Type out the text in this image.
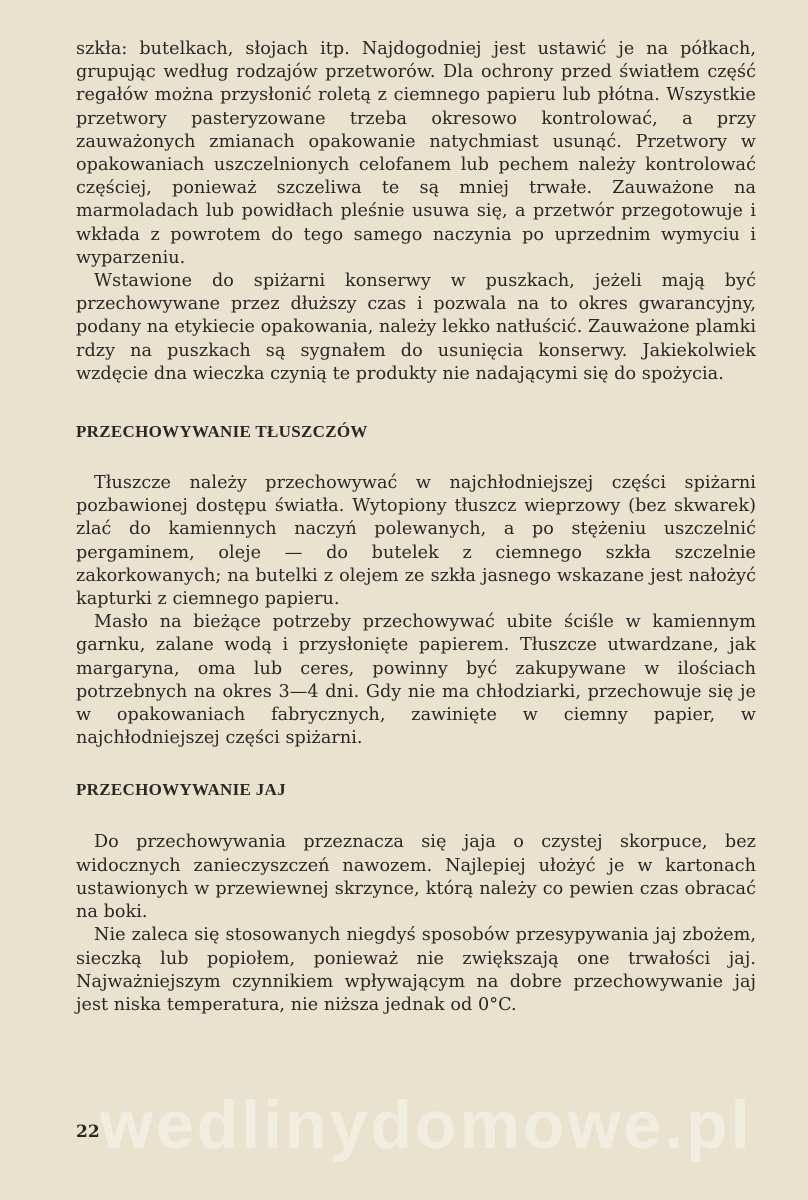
wedlinydomowe.pl

szkła: butelkach, słojach itp. Najdogodniej jest ustawić je na półkach, grupując według rodzajów przetworów. Dla ochrony przed światłem część regałów można przysłonić roletą z ciemnego papieru lub płótna. Wszystkie przetwory pasteryzowane trzeba okresowo kontrolować, a przy zauważonych zmianach opakowanie natychmiast usunąć. Przetwory w opakowaniach uszczelnionych celofanem lub pechem należy kontrolować częściej, ponieważ szczeliwa te są mniej trwałe. Zauważone na marmoladach lub powidłach pleśnie usuwa się, a przetwór przegotowuje i wkłada z powrotem do tego samego naczynia po uprzednim wymyciu i wyparzeniu.

Wstawione do spiżarni konserwy w puszkach, jeżeli mają być przechowywane przez dłuższy czas i pozwala na to okres gwarancyjny, podany na etykiecie opakowania, należy lekko natłuścić. Zauważone plamki rdzy na puszkach są sygnałem do usunięcia konserwy. Jakiekolwiek wzdęcie dna wieczka czynią te produkty nie nadającymi się do spożycia.

PRZECHOWYWANIE TŁUSZCZÓW

Tłuszcze należy przechowywać w najchłodniejszej części spiżarni pozbawionej dostępu światła. Wytopiony tłuszcz wieprzowy (bez skwarek) zlać do kamiennych naczyń polewanych, a po stężeniu uszczelnić pergaminem, oleje — do butelek z ciemnego szkła szczelnie zakorkowanych; na butelki z olejem ze szkła jasnego wskazane jest nałożyć kapturki z ciemnego papieru.

Masło na bieżące potrzeby przechowywać ubite ściśle w kamiennym garnku, zalane wodą i przysłonięte papierem. Tłuszcze utwardzane, jak margaryna, oma lub ceres, powinny być zakupywane w ilościach potrzebnych na okres 3—4 dni. Gdy nie ma chłodziarki, przechowuje się je w opakowaniach fabrycznych, zawinięte w ciemny papier, w najchłodniejszej części spiżarni.

PRZECHOWYWANIE JAJ

Do przechowywania przeznacza się jaja o czystej skorpuce, bez widocznych zanieczyszczeń nawozem. Najlepiej ułożyć je w kartonach ustawionych w przewiewnej skrzynce, którą należy co pewien czas obracać na boki.

Nie zaleca się stosowanych niegdyś sposobów przesypywania jaj zbożem, sieczką lub popiołem, ponieważ nie zwiększają one trwałości jaj. Najważniejszym czynnikiem wpływającym na dobre przechowywanie jaj jest niska temperatura, nie niższa jednak od 0°C.

22
